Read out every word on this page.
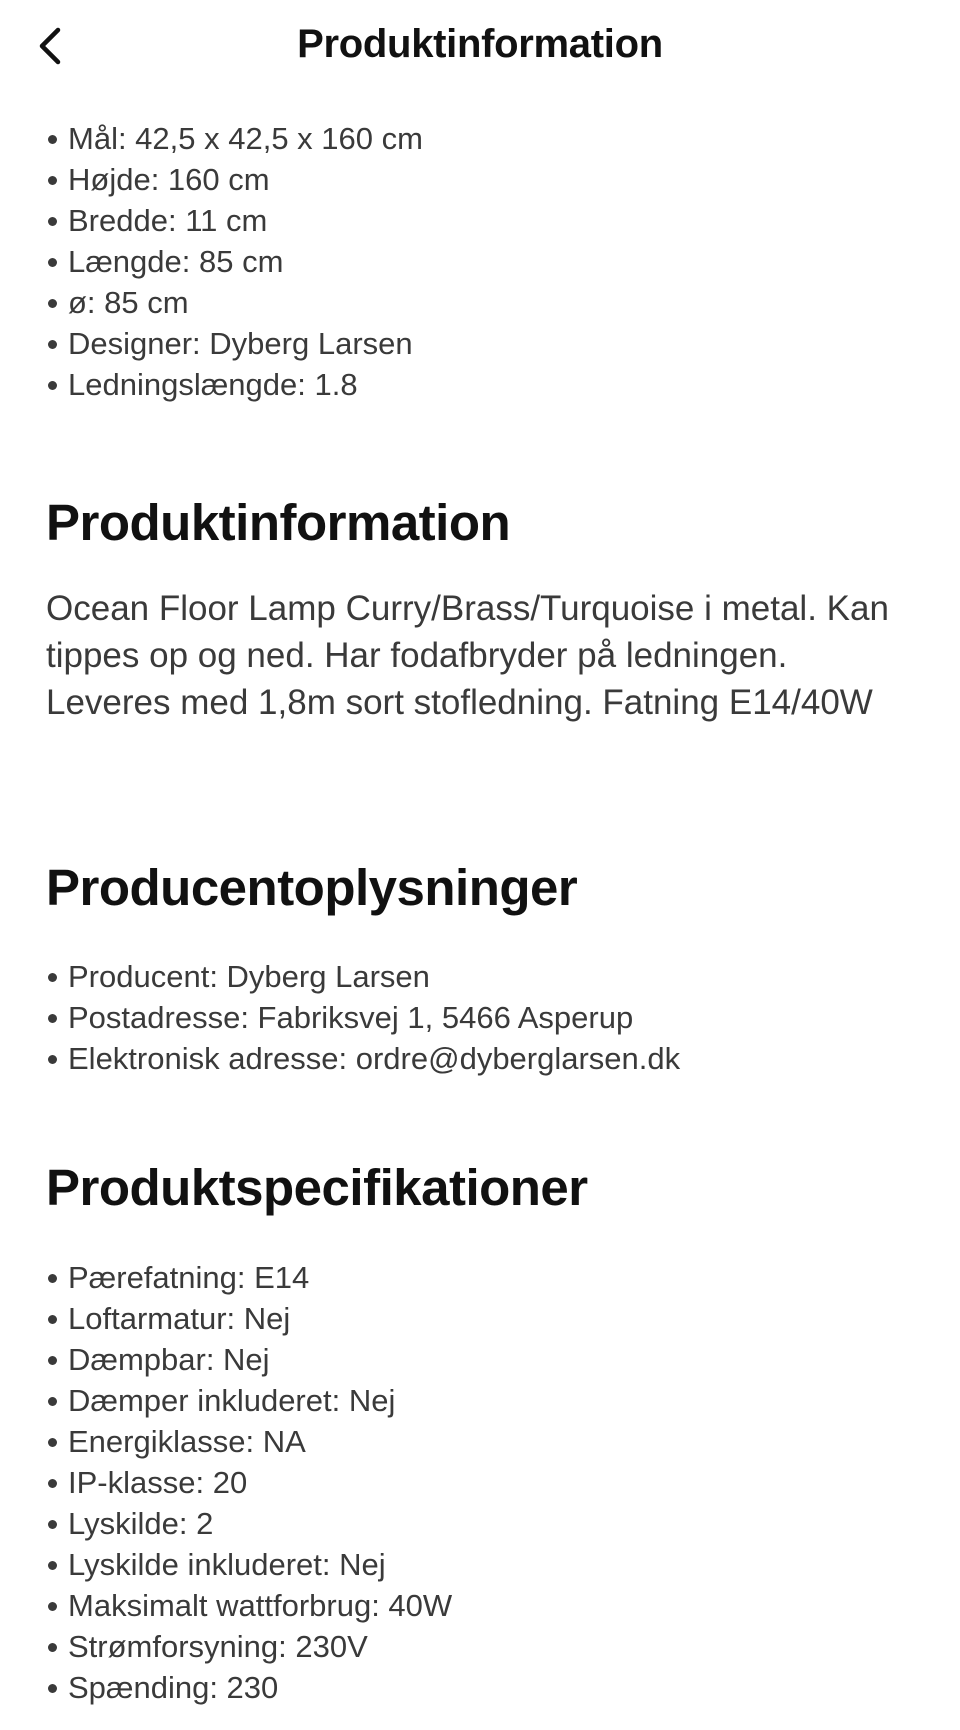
Produktinformation
Mål: 42,5 x 42,5 x 160 cm
Højde: 160 cm
Bredde: 11 cm
Længde: 85 cm
ø: 85 cm
Designer: Dyberg Larsen
Ledningslængde: 1.8
Produktinformation

Ocean Floor Lamp Curry/Brass/Turquoise i metal. Kan tippes op og ned. Har fodafbryder på ledningen. Leveres med 1,8m sort stofledning. Fatning E14/40W

Producentoplysninger
Producent: Dyberg Larsen
Postadresse: Fabriksvej 1, 5466 Asperup
Elektronisk adresse: ordre@dyberglarsen.dk
Produktspecifikationer
Pærefatning: E14
Loftarmatur: Nej
Dæmpbar: Nej
Dæmper inkluderet: Nej
Energiklasse: NA
IP-klasse: 20
Lyskilde: 2
Lyskilde inkluderet: Nej
Maksimalt wattforbrug: 40W
Strømforsyning: 230V
Spænding: 230
